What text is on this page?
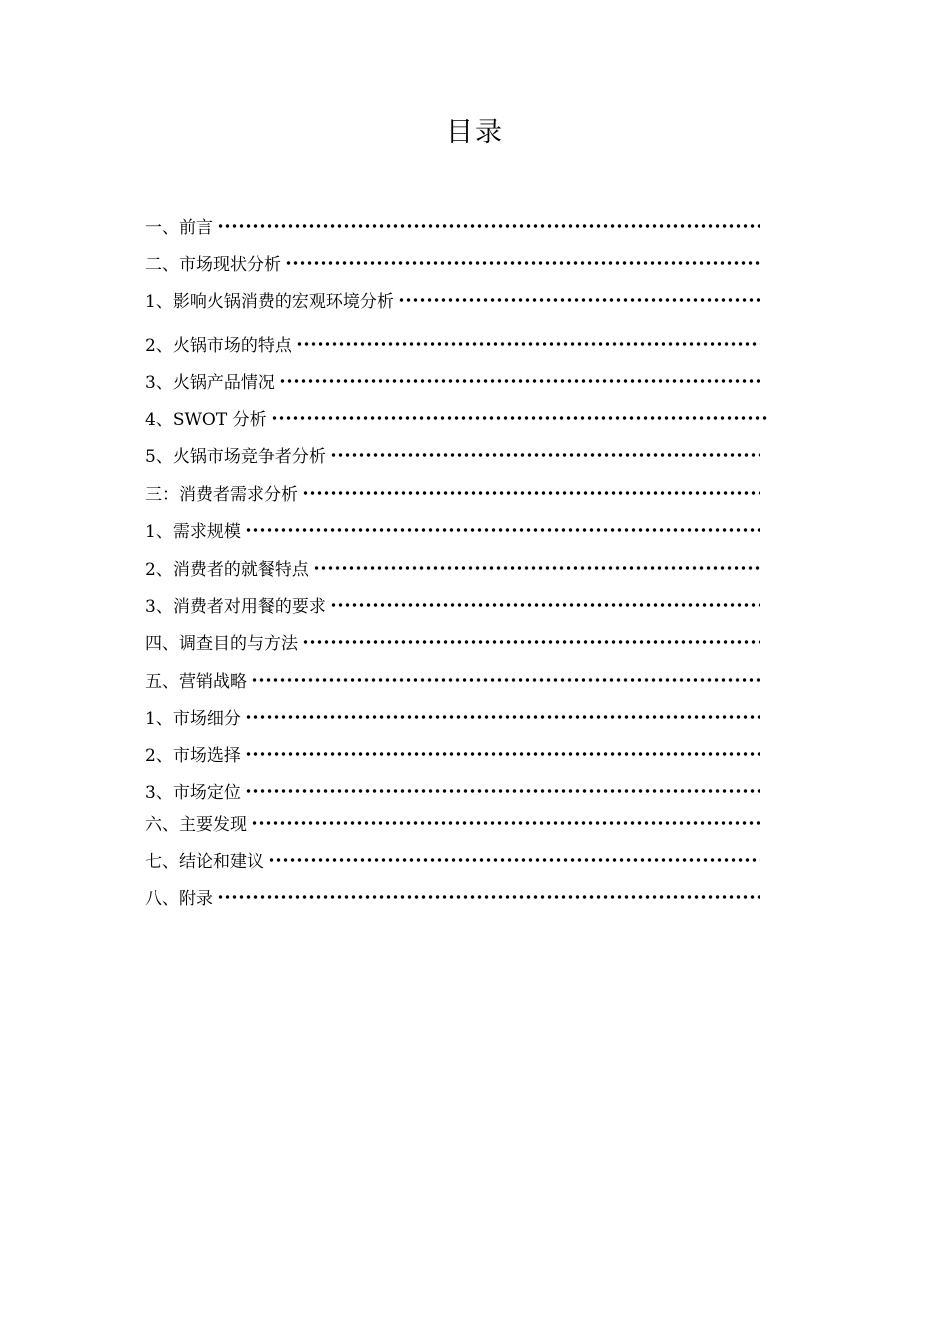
目录
一、前言
二、市场现状分析
1、影响火锅消费的宏观环境分析
2、火锅市场的特点
3、火锅产品情况
4、SWOT 分析
5、火锅市场竞争者分析
三：消费者需求分析
1、需求规模
2、消费者的就餐特点
3、消费者对用餐的要求
四、调查目的与方法
五、营销战略
1、市场细分
2、市场选择
3、市场定位
六、主要发现
七、结论和建议
八、附录
